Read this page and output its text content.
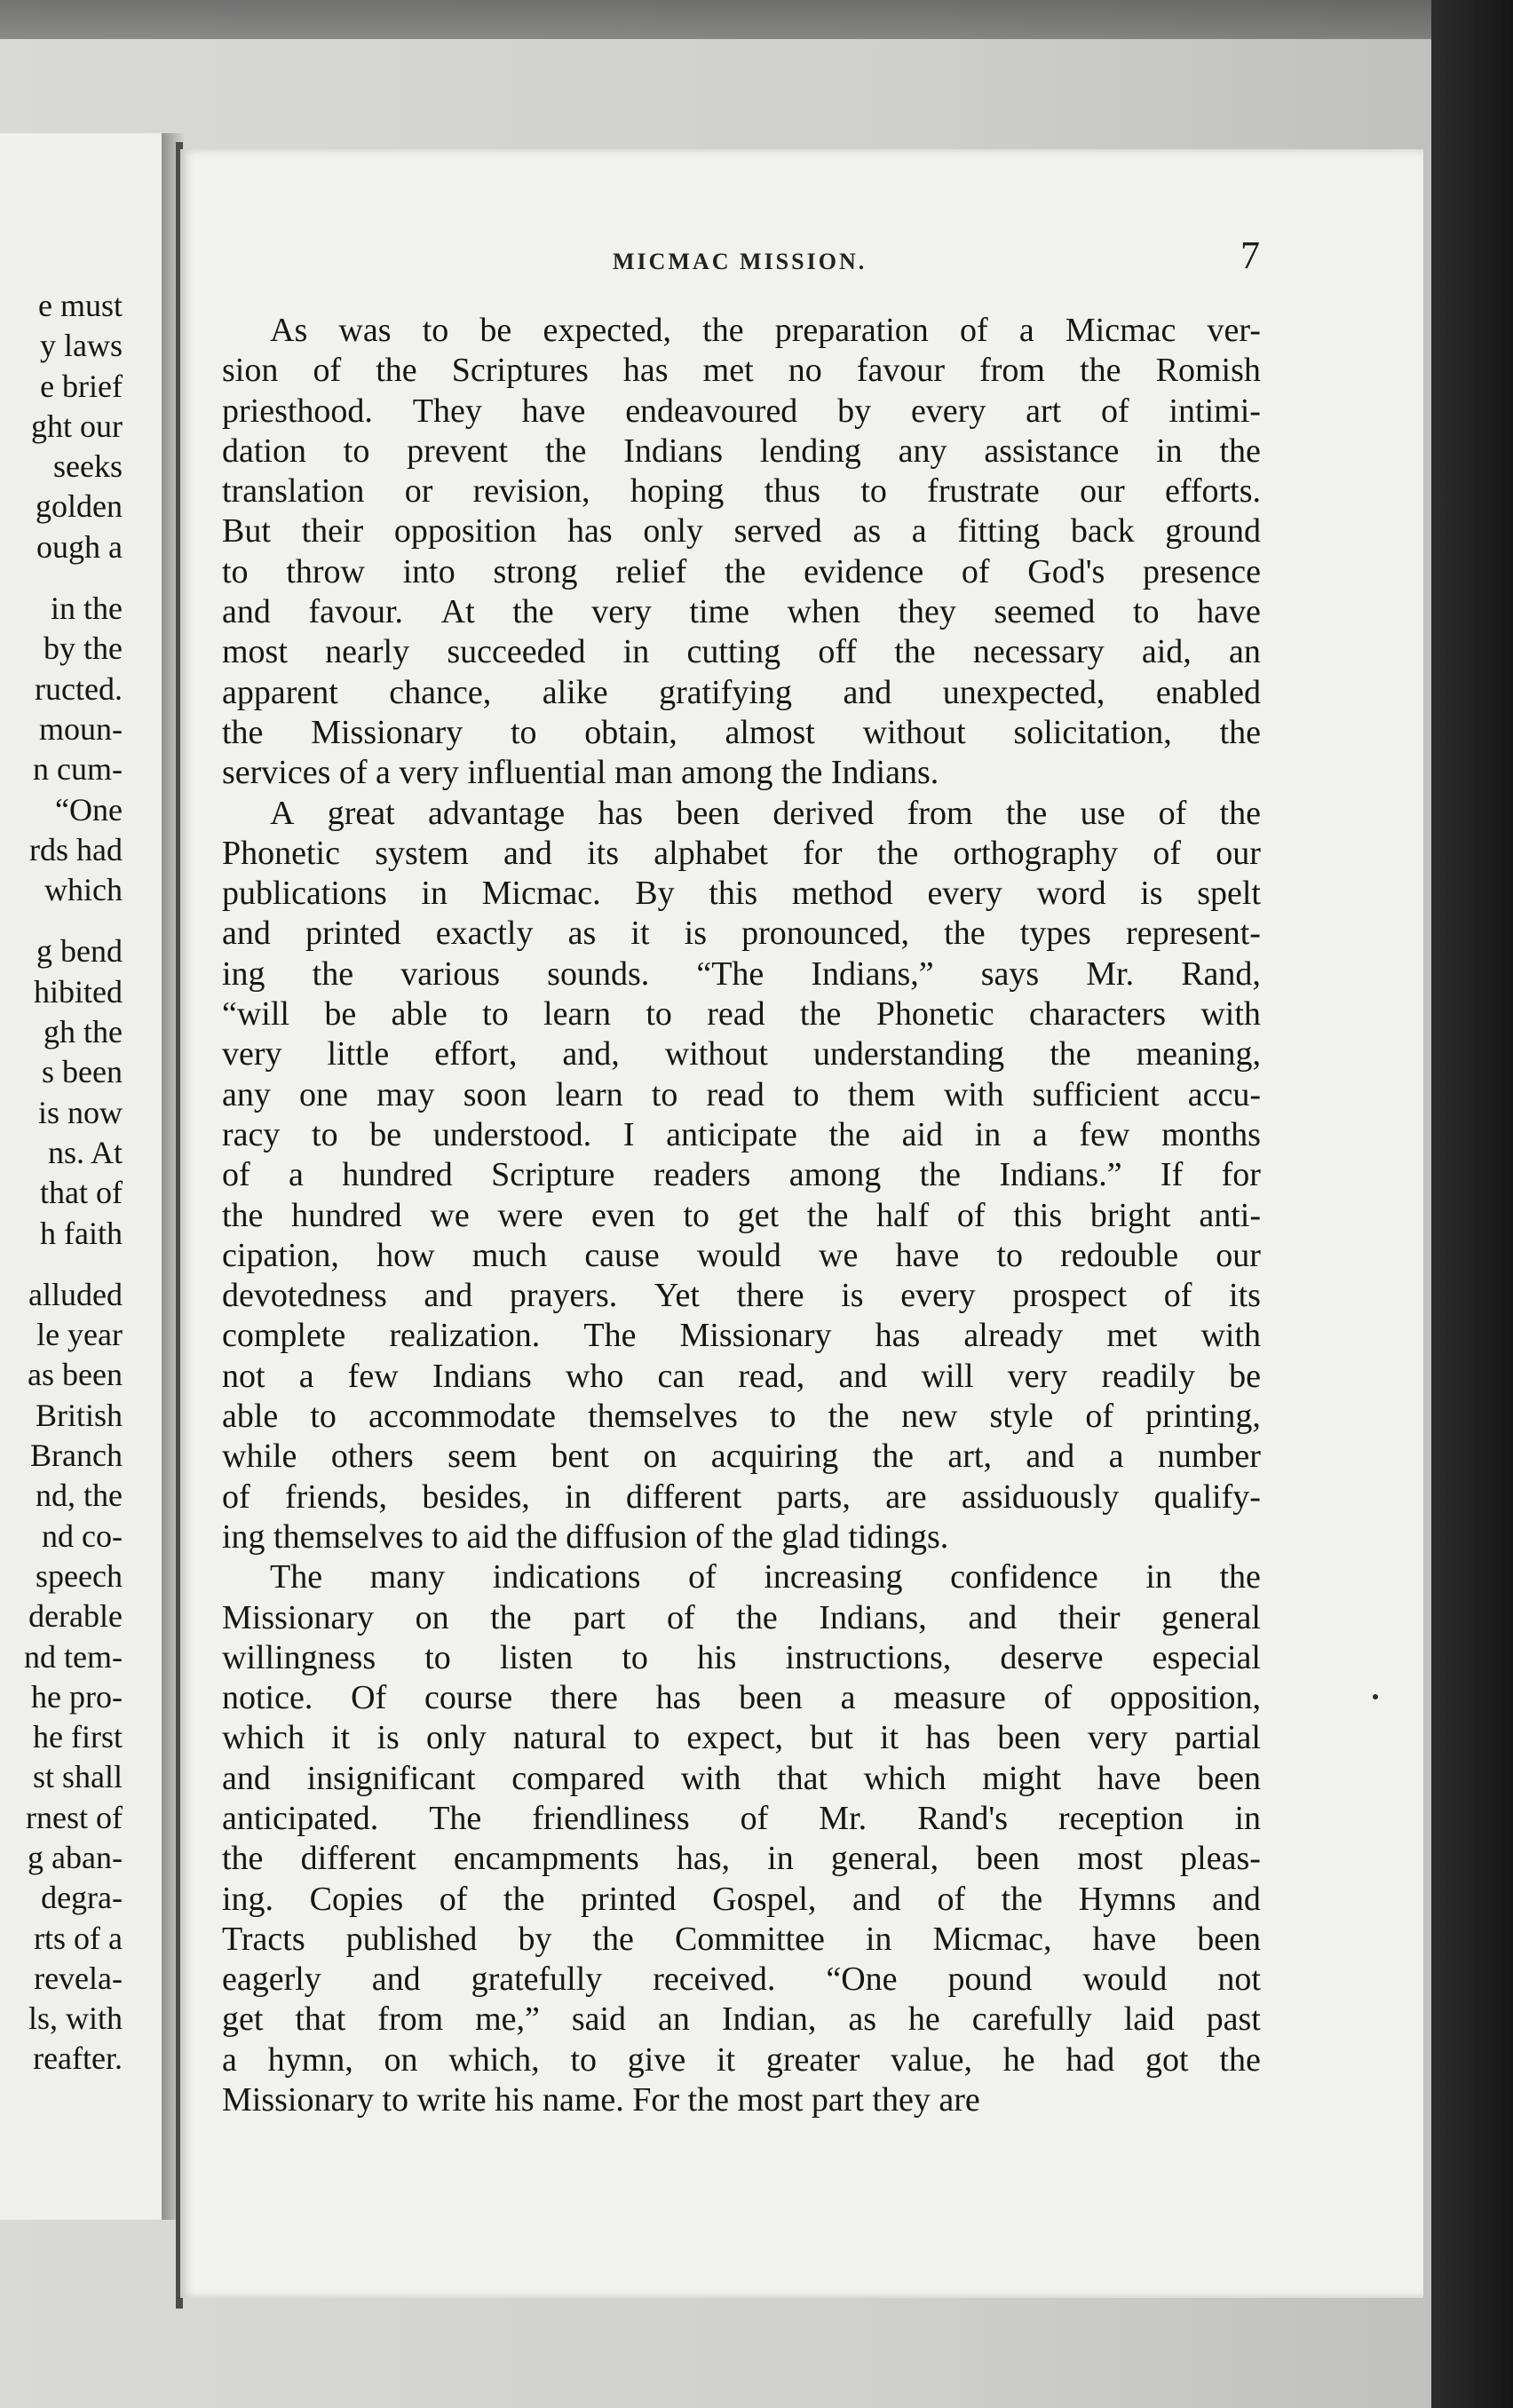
e must
y laws
e brief
ght our
seeks
golden
ough a
in the
by the
ructed.
moun-
n cum-
“One
rds had
which
g bend
hibited
gh the
s been
is now
ns. At
that of
h faith
alluded
le year
as been
British
Branch
nd, the
nd co-
speech
derable
nd tem-
he pro-
he first
st shall
rnest of
g aban-
degra-
rts of a
revela-
ls, with
reafter.
MICMAC MISSION.	7
As was to be expected, the preparation of a Micmac ver-
sion of the Scriptures has met no favour from the Romish
priesthood. They have endeavoured by every art of intimi-
dation to prevent the Indians lending any assistance in the
translation or revision, hoping thus to frustrate our efforts.
But their opposition has only served as a fitting back ground
to throw into strong relief the evidence of God's presence
and favour. At the very time when they seemed to have
most nearly succeeded in cutting off the necessary aid, an
apparent chance, alike gratifying and unexpected, enabled
the Missionary to obtain, almost without solicitation, the
services of a very influential man among the Indians.
A great advantage has been derived from the use of the
Phonetic system and its alphabet for the orthography of our
publications in Micmac. By this method every word is spelt
and printed exactly as it is pronounced, the types represent-
ing the various sounds. “The Indians,” says Mr. Rand,
“will be able to learn to read the Phonetic characters with
very little effort, and, without understanding the meaning,
any one may soon learn to read to them with sufficient accu-
racy to be understood. I anticipate the aid in a few months
of a hundred Scripture readers among the Indians.” If for
the hundred we were even to get the half of this bright anti-
cipation, how much cause would we have to redouble our
devotedness and prayers. Yet there is every prospect of its
complete realization. The Missionary has already met with
not a few Indians who can read, and will very readily be
able to accommodate themselves to the new style of printing,
while others seem bent on acquiring the art, and a number
of friends, besides, in different parts, are assiduously qualify-
ing themselves to aid the diffusion of the glad tidings.
The many indications of increasing confidence in the
Missionary on the part of the Indians, and their general
willingness to listen to his instructions, deserve especial
notice. Of course there has been a measure of opposition,
which it is only natural to expect, but it has been very partial
and insignificant compared with that which might have been
anticipated. The friendliness of Mr. Rand's reception in
the different encampments has, in general, been most pleas-
ing. Copies of the printed Gospel, and of the Hymns and
Tracts published by the Committee in Micmac, have been
eagerly and gratefully received. “One pound would not
get that from me,” said an Indian, as he carefully laid past
a hymn, on which, to give it greater value, he had got the
Missionary to write his name. For the most part they are
